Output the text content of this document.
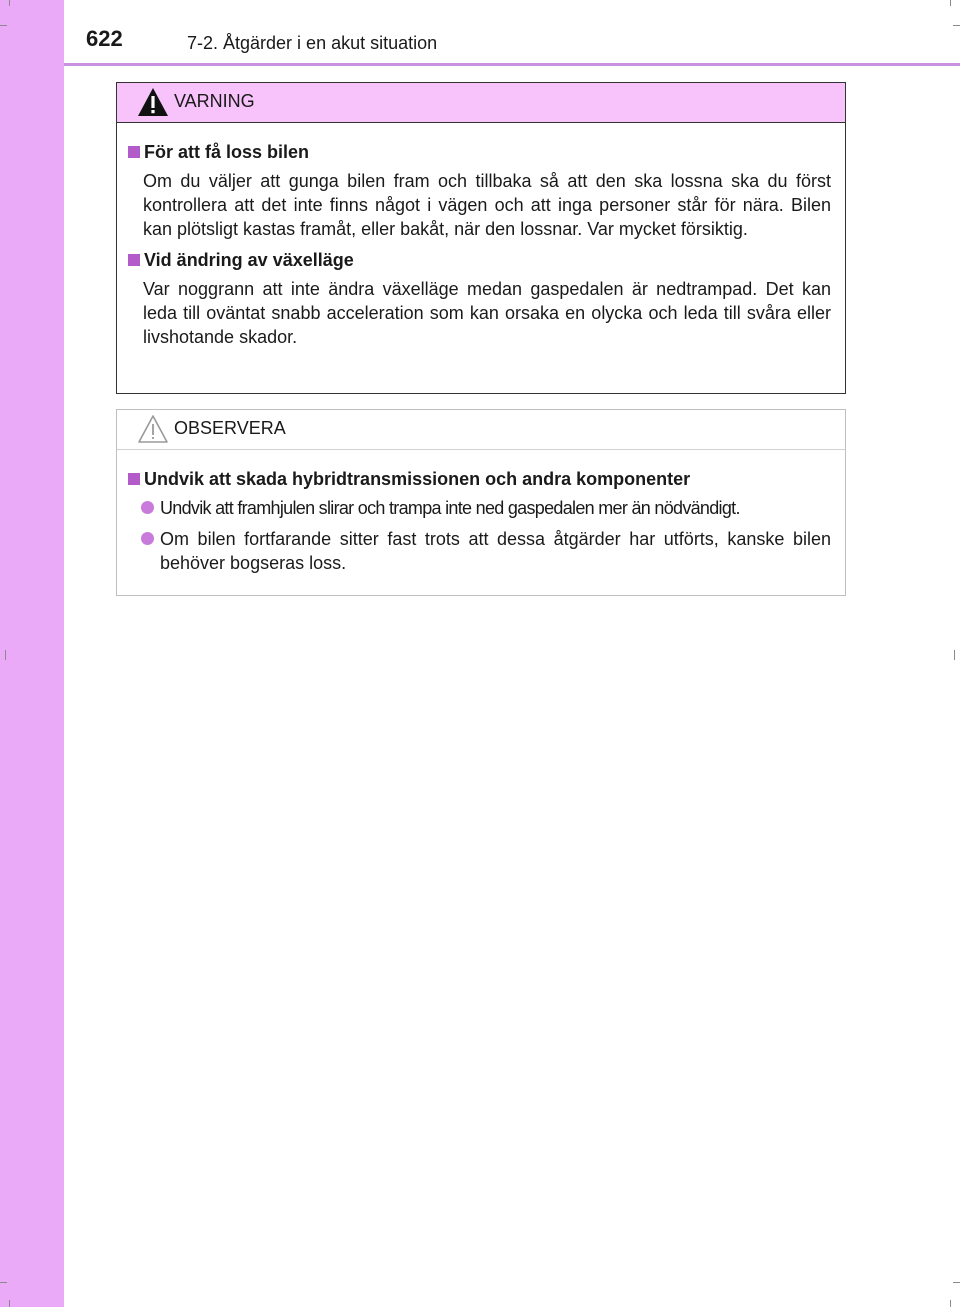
622	7-2. Åtgärder i en akut situation
VARNING
För att få loss bilen
Om du väljer att gunga bilen fram och tillbaka så att den ska lossna ska du först kontrollera att det inte finns något i vägen och att inga personer står för nära. Bilen kan plötsligt kastas framåt, eller bakåt, när den lossnar. Var mycket försiktig.
Vid ändring av växelläge
Var noggrann att inte ändra växelläge medan gaspedalen är nedtrampad. Det kan leda till oväntat snabb acceleration som kan orsaka en olycka och leda till svåra eller livshotande skador.
OBSERVERA
Undvik att skada hybridtransmissionen och andra komponenter
Undvik att framhjulen slirar och trampa inte ned gaspedalen mer än nödvändigt.
Om bilen fortfarande sitter fast trots att dessa åtgärder har utförts, kanske bilen behöver bogseras loss.
